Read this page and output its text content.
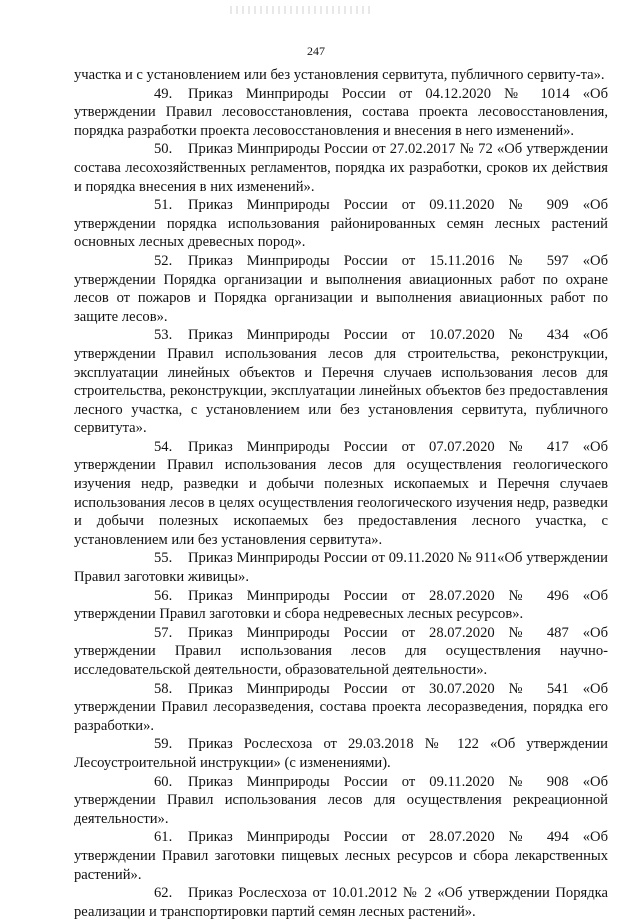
247

участка и с установлением или без установления сервитута, публичного сервиту-та».

49. Приказ Минприроды России от 04.12.2020 № 1014 «Об утверждении Правил лесовосстановления, состава проекта лесовосстановления, порядка разработки проекта лесовосстановления и внесения в него изменений».

50. Приказ Минприроды России от 27.02.2017 № 72 «Об утверждении состава лесохозяйственных регламентов, порядка их разработки, сроков их действия и порядка внесения в них изменений».

51. Приказ Минприроды России от 09.11.2020 № 909 «Об утверждении порядка использования районированных семян лесных растений основных лесных древесных пород».

52. Приказ Минприроды России от 15.11.2016 № 597 «Об утверждении Порядка организации и выполнения авиационных работ по охране лесов от пожаров и Порядка организации и выполнения авиационных работ по защите лесов».

53. Приказ Минприроды России от 10.07.2020 № 434 «Об утверждении Правил использования лесов для строительства, реконструкции, эксплуатации линейных объектов и Перечня случаев использования лесов для строительства, реконструкции, эксплуатации линейных объектов без предоставления лесного участка, с установлением или без установления сервитута, публичного сервитута».

54. Приказ Минприроды России от 07.07.2020 № 417 «Об утверждении Правил использования лесов для осуществления геологического изучения недр, разведки и добычи полезных ископаемых и Перечня случаев использования лесов в целях осуществления геологического изучения недр, разведки и добычи полезных ископаемых без предоставления лесного участка, с установлением или без установления сервитута».

55. Приказ Минприроды России от 09.11.2020 № 911«Об утверждении Правил заготовки живицы».

56. Приказ Минприроды России от 28.07.2020 № 496 «Об утверждении Правил заготовки и сбора недревесных лесных ресурсов».

57. Приказ Минприроды России от 28.07.2020 № 487 «Об утверждении Правил использования лесов для осуществления научно-исследовательской деятельности, образовательной деятельности».

58. Приказ Минприроды России от 30.07.2020 № 541 «Об утверждении Правил лесоразведения, состава проекта лесоразведения, порядка его разработки».

59. Приказ Рослесхоза от 29.03.2018 № 122 «Об утверждении Лесоустроительной инструкции» (с изменениями).

60. Приказ Минприроды России от 09.11.2020 № 908 «Об утверждении Правил использования лесов для осуществления рекреационной деятельности».

61. Приказ Минприроды России от 28.07.2020 № 494 «Об утверждении Правил заготовки пищевых лесных ресурсов и сбора лекарственных растений».

62. Приказ Рослесхоза от 10.01.2012 № 2 «Об утверждении Порядка реализации и транспортировки партий семян лесных растений».
